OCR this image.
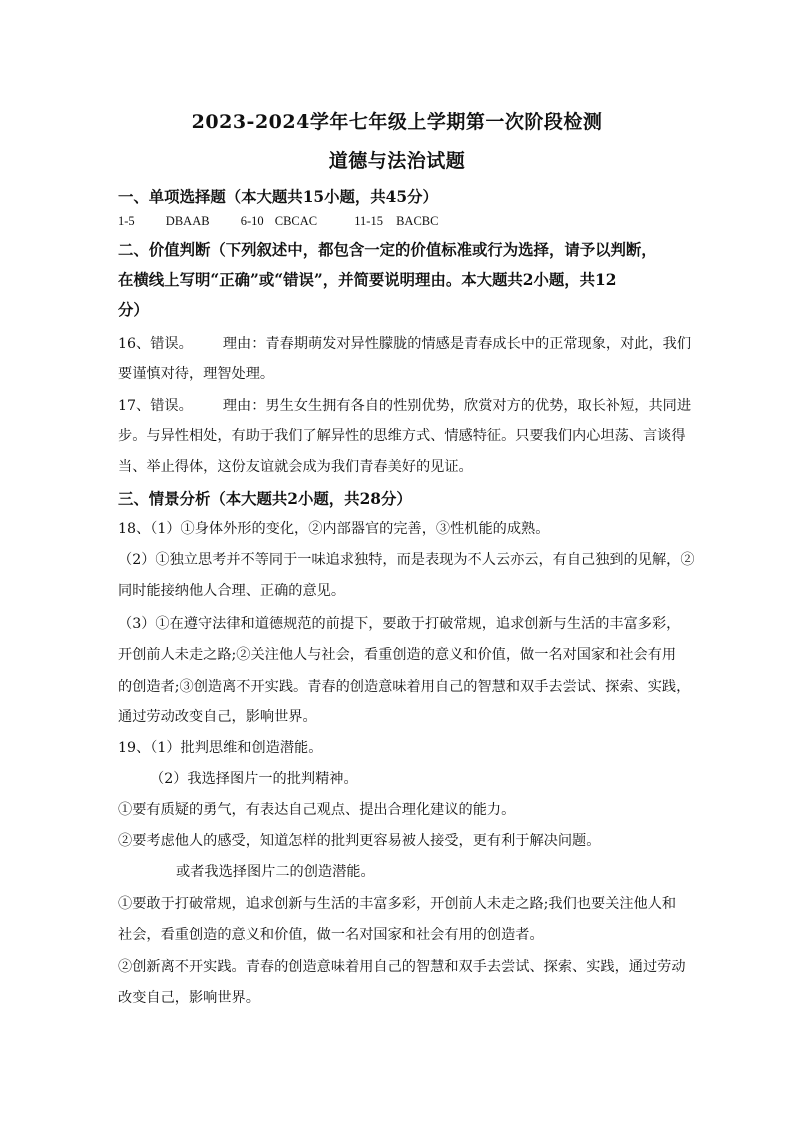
2023-2024学年七年级上学期第一次阶段检测
道德与法治试题
一、单项选择题（本大题共15小题，共45分）
1-5 DBAAB 6-10 CBCAC	11-15 BACBC
二、价值判断（下列叙述中，都包含一定的价值标准或行为选择，请予以判断，
在横线上写明“正确”或“错误”，并简要说明理由。本大题共2小题，共12
分）
16、错误。 理由：青春期萌发对异性朦胧的情感是青春成长中的正常现象，对此，我们
要谨慎对待，理智处理。
17、错误。 理由：男生女生拥有各自的性别优势，欣赏对方的优势，取长补短，共同进
步。与异性相处，有助于我们了解异性的思维方式、情感特征。只要我们内心坦荡、言谈得
当、举止得体，这份友谊就会成为我们青春美好的见证。
三、情景分析（本大题共2小题，共28分）
18、（1）①身体外形的变化，②内部器官的完善，③性机能的成熟。
（2）①独立思考并不等同于一味追求独特，而是表现为不人云亦云，有自己独到的见解，②
同时能接纳他人合理、正确的意见。
（3）①在遵守法律和道德规范的前提下，要敢于打破常规，追求创新与生活的丰富多彩，
开创前人未走之路;②关注他人与社会，看重创造的意义和价值，做一名对国家和社会有用
的创造者;③创造离不开实践。青春的创造意味着用自己的智慧和双手去尝试、探索、实践，
通过劳动改变自己，影响世界。
19、（1）批判思维和创造潜能。
（2）我选择图片一的批判精神。
①要有质疑的勇气，有表达自己观点、提出合理化建议的能力。
②要考虑他人的感受，知道怎样的批判更容易被人接受，更有利于解决问题。
或者我选择图片二的创造潜能。
①要敢于打破常规，追求创新与生活的丰富多彩，开创前人未走之路;我们也要关注他人和
社会，看重创造的意义和价值，做一名对国家和社会有用的创造者。
②创新离不开实践。青春的创造意味着用自己的智慧和双手去尝试、探索、实践，通过劳动
改变自己，影响世界。
